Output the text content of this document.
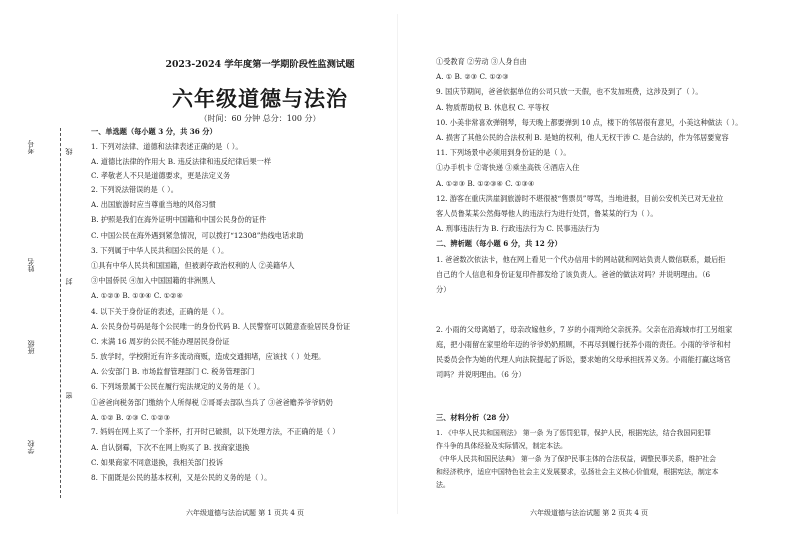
考号	线
姓名
封
班级
密
学校
2023-2024 学年度第一学期阶段性监测试题
六年级道德与法治
（时间：60 分钟 总分：100 分）
一、单选题（每小题 3 分，共 36 分）
1. 下列对法律、道德和法律表述正确的是（ ）。
A. 道德比法律的作用大 B. 违反法律和违反纪律后果一样
C. 孝敬老人不只是道德要求，更是法定义务
2. 下列说法错误的是（ ）。
A. 出国旅游时应当尊重当地的风俗习惯
B. 护照是我们在海外证明中国籍和中国公民身份的证件
C. 中国公民在海外遇到紧急情况，可以拨打“12308”热线电话求助
3. 下列属于中华人民共和国公民的是（ ）。
①具有中华人民共和国国籍，但被剥夺政治权利的人 ②美籍华人
③中国侨民 ④加入中国国籍的非洲黑人
A. ①②③ B. ①③④ C. ①②④
4. 以下关于身份证的表述，正确的是（ ）。
A. 公民身份号码是每个公民唯一的身份代码 B. 人民警察可以随意查验居民身份证
C. 未满 16 周岁的公民不能办理居民身份证
5. 放学时，学校附近有许多流动商贩，造成交通拥堵，应该找（ ）处理。
A. 公安部门 B. 市场监督管理部门 C. 税务管理部门
6. 下列场景属于公民在履行宪法规定的义务的是（ ）。
①爸爸向税务部门缴纳个人所得税 ②哥哥去部队当兵了 ③爸爸赡养爷爷奶奶
A. ①② B. ②③ C. ①②③
7. 妈妈在网上买了一个茶杯，打开时已破损，以下处理方法，不正确的是（ ）
A. 自认倒霉，下次不在网上购买了 B. 找商家退换
C. 如果商家不同意退换，我相关部门投诉
8. 下面既是公民的基本权利，又是公民的义务的是（ ）。
六年级道德与法治试题 第 1 页共 4 页
①受教育 ②劳动 ③人身自由
A. ① B. ②③ C. ①②③
9. 国庆节期间，爸爸依据单位的公司只放一天假，也不发加班费，这涉及到了（ ）。
A. 物质帮助权 B. 休息权 C. 平等权
10. 小美非常喜欢弹钢琴，每天晚上都要弹到 10 点，楼下的邻居很有意见，小美这种做法（ ）。
A. 损害了其他公民的合法权利 B. 是她的权利，他人无权干涉 C. 是合法的，作为邻居要宽容
11. 下列场景中必须用到身份证的是（ ）。
①办手机卡 ②寄快递 ③乘坐高铁 ④酒店入住
A. ①②③ B. ①②③④ C. ①③④
12. 游客在重庆洪崖洞旅游时不堪很被“售票员”辱骂，当地进报，目前公安机关已对无业拉
客人员鲁某某公然侮辱他人的违法行为进行处罚，鲁某某的行为（ ）。
A. 刑事违法行为 B. 行政违法行为 C. 民事违法行为
二、辨析题（每小题 6 分，共 12 分）
1. 爸爸数次依法卡，他在网上看见一个代办信用卡的网站就和网站负责人微信联系，最后拒
自己的个人信息和身份证复印件都发给了该负责人。爸爸的做法对吗？并说明理由。（6
分）
2. 小雨的父母离婚了，母亲改嫁他乡，7 岁的小雨判给父亲抚养。父亲在沿海城市打工另组家
庭，把小雨留在家里给年迈的爷爷奶奶照顾，不再尽到履行抚养小雨的责任。小雨的爷爷和村
民委员会作为她的代理人向法院提起了诉讼，要求她的父母承担抚养义务。小雨能打赢这场官
司吗？并说明理由。（6 分）
三、材料分析（28 分）
1. 《中华人民共和国刑法》 第一条 为了惩罚犯罪，保护人民，根据宪法，结合我国同犯罪
作斗争的具体经验及实际情况，制定本法。
《中华人民共和国民法典》 第一条 为了保护民事主体的合法权益，调整民事关系，维护社会
和经济秩序，适应中国特色社会主义发展要求，弘扬社会主义核心价值观，根据宪法，制定本
法。
六年级道德与法治试题 第 2 页共 4 页
